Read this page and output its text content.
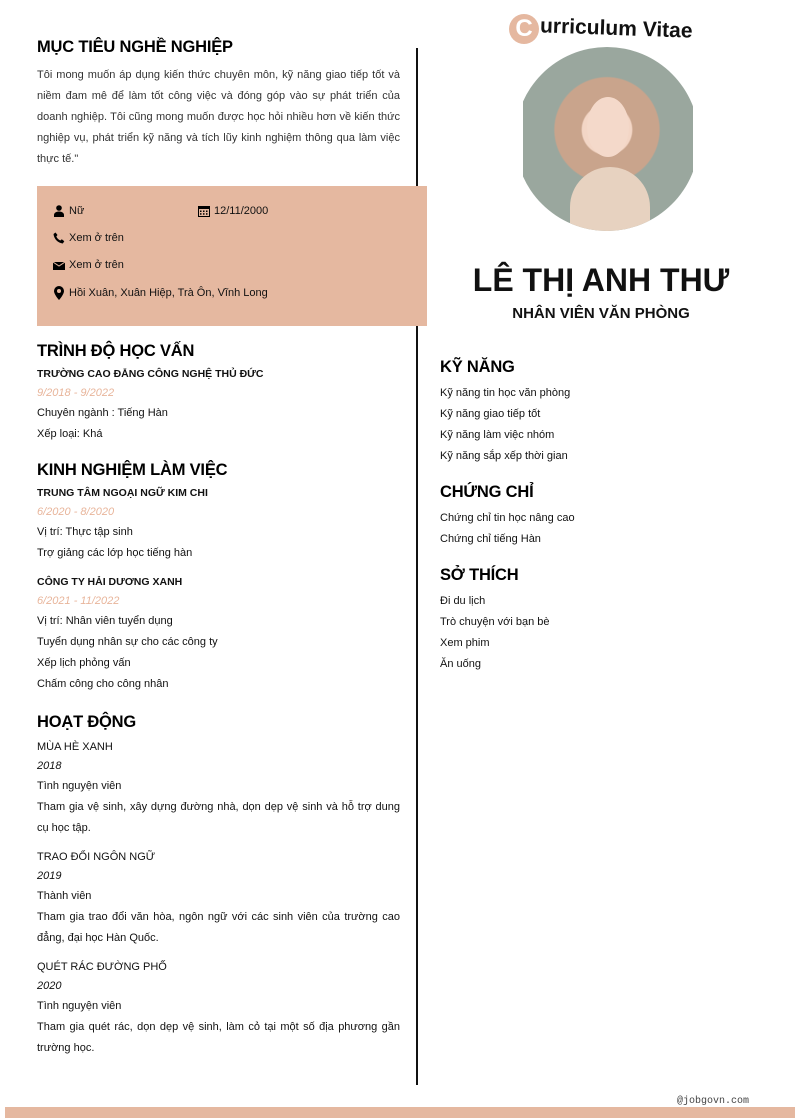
C urriculum Vitae
LÊ THỊ ANH THƯ
NHÂN VIÊN VĂN PHÒNG
MỤC TIÊU NGHỀ NGHIỆP

Tôi mong muốn áp dụng kiến thức chuyên môn, kỹ năng giao tiếp tốt và niềm đam mê để làm tốt công việc và đóng góp vào sự phát triển của doanh nghiệp. Tôi cũng mong muốn được học hỏi nhiều hơn về kiến thức nghiệp vụ, phát triển kỹ năng và tích lũy kinh nghiệm thông qua làm việc thực tế."

Nữ	12/11/2000
Xem ở trên
Xem ở trên
Hồi Xuân, Xuân Hiệp, Trà Ôn, Vĩnh Long
TRÌNH ĐỘ HỌC VẤN
TRƯỜNG CAO ĐẲNG CÔNG NGHỆ THỦ ĐỨC
9/2018 - 9/2022
Chuyên ngành : Tiếng Hàn
Xếp loại: Khá
KINH NGHIỆM LÀM VIỆC
TRUNG TÂM NGOẠI NGỮ KIM CHI
6/2020 - 8/2020
Vị trí: Thực tập sinh
Trợ giảng các lớp học tiếng hàn
CÔNG TY HẢI DƯƠNG XANH
6/2021 - 11/2022
Vị trí: Nhân viên tuyển dụng
Tuyển dụng nhân sự cho các công ty
Xếp lịch phỏng vấn
Chấm công cho công nhân
HOẠT ĐỘNG
MÙA HÈ XANH
2018
Tình nguyện viên
Tham gia vệ sinh, xây dựng đường nhà, dọn dẹp vệ sinh và hỗ trợ dung cụ học tập.
TRAO ĐỔI NGÔN NGỮ
2019
Thành viên
Tham gia trao đổi văn hòa, ngôn ngữ với các sinh viên của trường cao đẳng, đại học Hàn Quốc.
QUÉT RÁC ĐƯỜNG PHỐ
2020
Tình nguyện viên
Tham gia quét rác, dọn dẹp vệ sinh, làm cỏ tại một số địa phương gần trường học.
KỸ NĂNG
Kỹ năng tin học văn phòng
Kỹ năng giao tiếp tốt
Kỹ năng làm việc nhóm
Kỹ năng sắp xếp thời gian
CHỨNG CHỈ
Chứng chỉ tin học nâng cao
Chứng chỉ tiếng Hàn
SỞ THÍCH
Đi du lịch
Trò chuyện với bạn bè
Xem phim
Ăn uống
@jobgovn.com
